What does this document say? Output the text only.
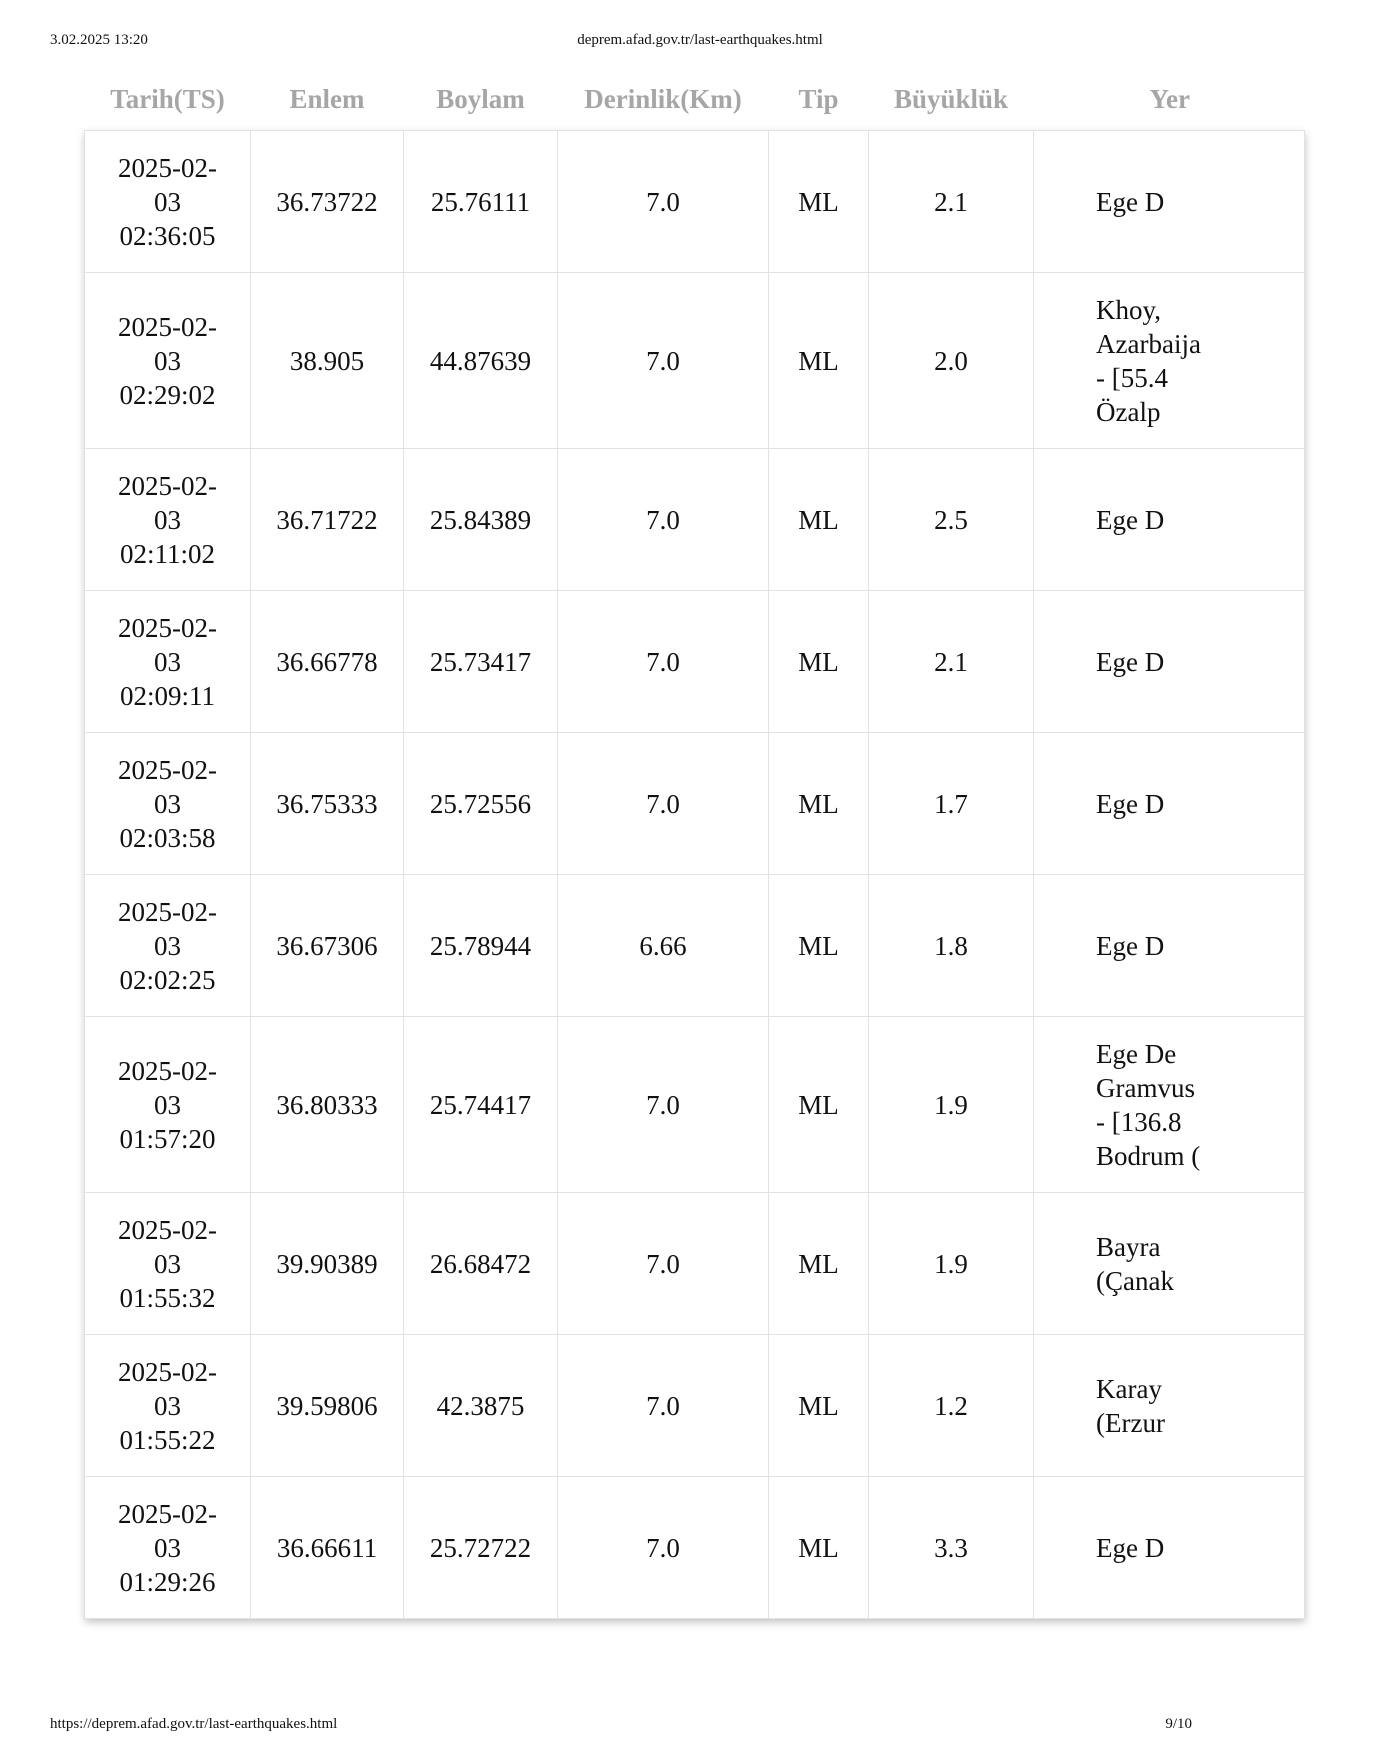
3.02.2025 13:20	deprem.afad.gov.tr/last-earthquakes.html
Tarih(TS)	Enlem	Boylam	Derinlik(Km)	Tip	Büyüklük	Yer

2025-02-
03
02:36:05	36.73722	25.76111	7.0	ML	2.1	Ege D

2025-02-
03
02:29:02	38.905	44.87639	7.0	ML	2.0	Khoy,
Azarbaija
- [55.4
Özalp

2025-02-
03
02:11:02	36.71722	25.84389	7.0	ML	2.5	Ege D

2025-02-
03
02:09:11	36.66778	25.73417	7.0	ML	2.1	Ege D

2025-02-
03
02:03:58	36.75333	25.72556	7.0	ML	1.7	Ege D

2025-02-
03
02:02:25	36.67306	25.78944	6.66	ML	1.8	Ege D

2025-02-
03
01:57:20	36.80333	25.74417	7.0	ML	1.9	Ege De
Gramvus
- [136.8
Bodrum (

2025-02-
03
01:55:32	39.90389	26.68472	7.0	ML	1.9	Bayra
(Çanak

2025-02-
03
01:55:22	39.59806	42.3875	7.0	ML	1.2	Karay
(Erzur

2025-02-
03
01:29:26	36.66611	25.72722	7.0	ML	3.3	Ege D
https://deprem.afad.gov.tr/last-earthquakes.html	9/10
